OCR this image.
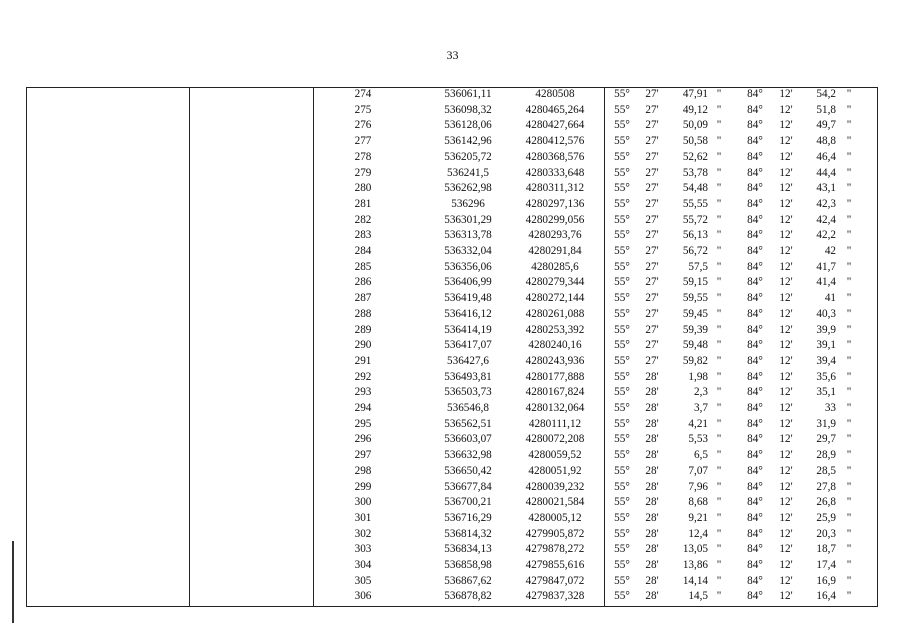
33
274	536061,11	4280508	55°	27'	47,91 "	84°	12'	54,2 "
275	536098,32	4280465,264	55°	27'	49,12 "	84°	12'	51,8 "
276	536128,06	4280427,664	55°	27'	50,09 "	84°	12'	49,7 "
277	536142,96	4280412,576	55°	27'	50,58 "	84°	12'	48,8 "
278	536205,72	4280368,576	55°	27'	52,62 "	84°	12'	46,4 "
279	536241,5	4280333,648	55°	27'	53,78 "	84°	12'	44,4 "
280	536262,98	4280311,312	55°	27'	54,48 "	84°	12'	43,1 "
281	536296	4280297,136	55°	27'	55,55 "	84°	12'	42,3 "
282	536301,29	4280299,056	55°	27'	55,72 "	84°	12'	42,4 "
283	536313,78	4280293,76	55°	27'	56,13 "	84°	12'	42,2 "
284	536332,04	4280291,84	55°	27'	56,72 "	84°	12'	42 "
285	536356,06	4280285,6	55°	27'	57,5 "	84°	12'	41,7 "
286	536406,99	4280279,344	55°	27'	59,15 "	84°	12'	41,4 "
287	536419,48	4280272,144	55°	27'	59,55 "	84°	12'	41 "
288	536416,12	4280261,088	55°	27'	59,45 "	84°	12'	40,3 "
289	536414,19	4280253,392	55°	27'	59,39 "	84°	12'	39,9 "
290	536417,07	4280240,16	55°	27'	59,48 "	84°	12'	39,1 "
291	536427,6	4280243,936	55°	27'	59,82 "	84°	12'	39,4 "
292	536493,81	4280177,888	55°	28'	1,98 "	84°	12'	35,6 "
293	536503,73	4280167,824	55°	28'	2,3 "	84°	12'	35,1 "
294	536546,8	4280132,064	55°	28'	3,7 "	84°	12'	33 "
295	536562,51	4280111,12	55°	28'	4,21 "	84°	12'	31,9 "
296	536603,07	4280072,208	55°	28'	5,53 "	84°	12'	29,7 "
297	536632,98	4280059,52	55°	28'	6,5 "	84°	12'	28,9 "
298	536650,42	4280051,92	55°	28'	7,07 "	84°	12'	28,5 "
299	536677,84	4280039,232	55°	28'	7,96 "	84°	12'	27,8 "
300	536700,21	4280021,584	55°	28'	8,68 "	84°	12'	26,8 "
301	536716,29	4280005,12	55°	28'	9,21 "	84°	12'	25,9 "
302	536814,32	4279905,872	55°	28'	12,4 "	84°	12'	20,3 "
303	536834,13	4279878,272	55°	28'	13,05 "	84°	12'	18,7 "
304	536858,98	4279855,616	55°	28'	13,86 "	84°	12'	17,4 "
305	536867,62	4279847,072	55°	28'	14,14 "	84°	12'	16,9 "
306	536878,82	4279837,328	55°	28'	14,5 "	84°	12'	16,4 "
